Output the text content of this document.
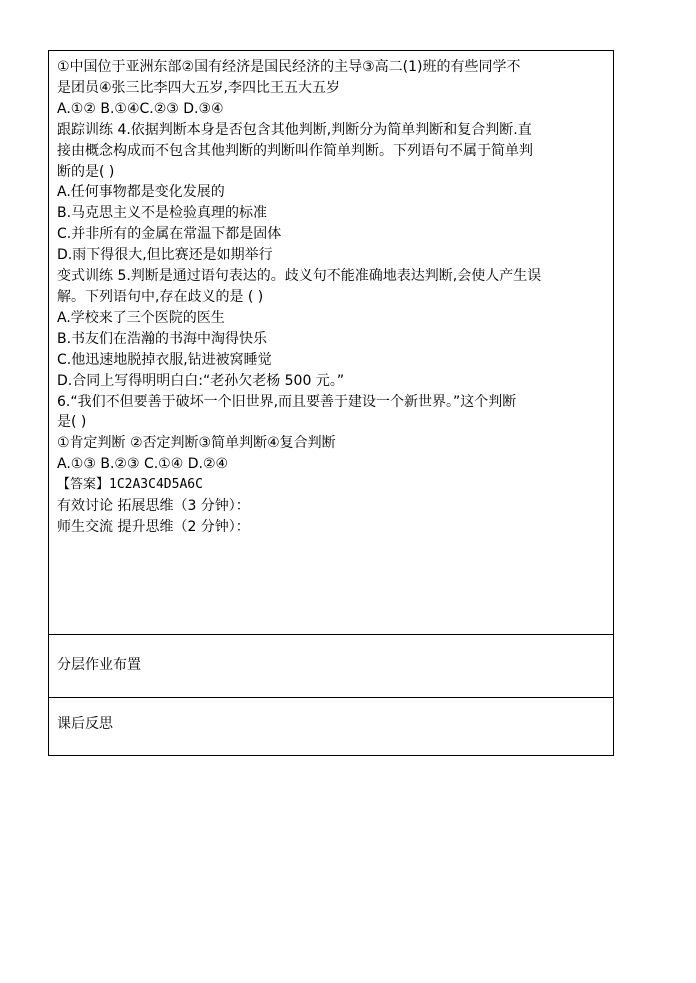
①中国位于亚洲东部②国有经济是国民经济的主导③高二(1)班的有些同学不
是团员④张三比李四大五岁,李四比王五大五岁
A.①② B.①④C.②③ D.③④
跟踪训练 4.依据判断本身是否包含其他判断,判断分为简单判断和复合判断.直
接由概念构成而不包含其他判断的判断叫作简单判断。下列语句不属于简单判
断的是( )
A.任何事物都是变化发展的
B.马克思主义不是检验真理的标准
C.并非所有的金属在常温下都是固体
D.雨下得很大,但比赛还是如期举行
变式训练 5.判断是通过语句表达的。歧义句不能准确地表达判断,会使人产生误
解。下列语句中,存在歧义的是 ( )
A.学校来了三个医院的医生
B.书友们在浩瀚的书海中淘得快乐
C.他迅速地脱掉衣服,钻进被窝睡觉
D.合同上写得明明白白:“老孙欠老杨 500 元。”
6.“我们不但要善于破坏一个旧世界,而且要善于建设一个新世界。”这个判断
是( )
①肯定判断 ②否定判断③简单判断④复合判断
A.①③ B.②③ C.①④ D.②④
【答案】1C2A3C4D5A6C
有效讨论 拓展思维（3 分钟）：
师生交流 提升思维（2 分钟）：
分层作业布置
课后反思
